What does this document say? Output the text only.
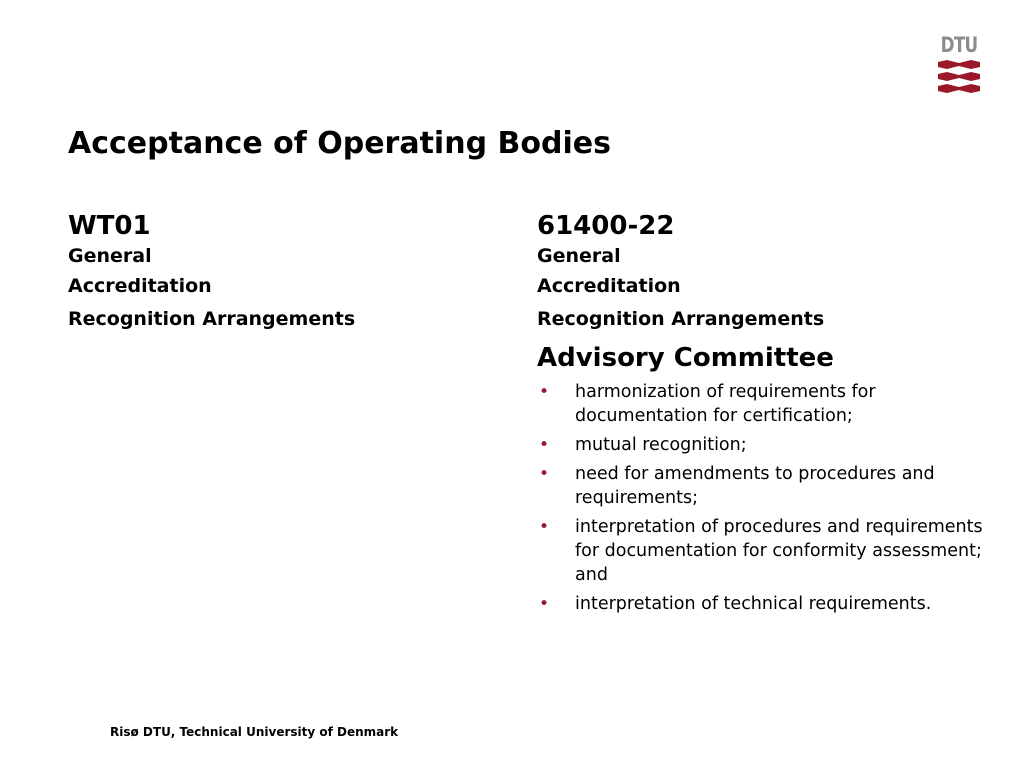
DTU
Acceptance of Operating Bodies
WT01
General
Accreditation
Recognition Arrangements
61400-22
General
Accreditation
Recognition Arrangements
Advisory Committee
• harmonization of requirements for documentation for certification;
• mutual recognition;
• need for amendments to procedures and requirements;
• interpretation of procedures and requirements for documentation for conformity assessment; and
• interpretation of technical requirements.
Risø DTU, Technical University of Denmark
